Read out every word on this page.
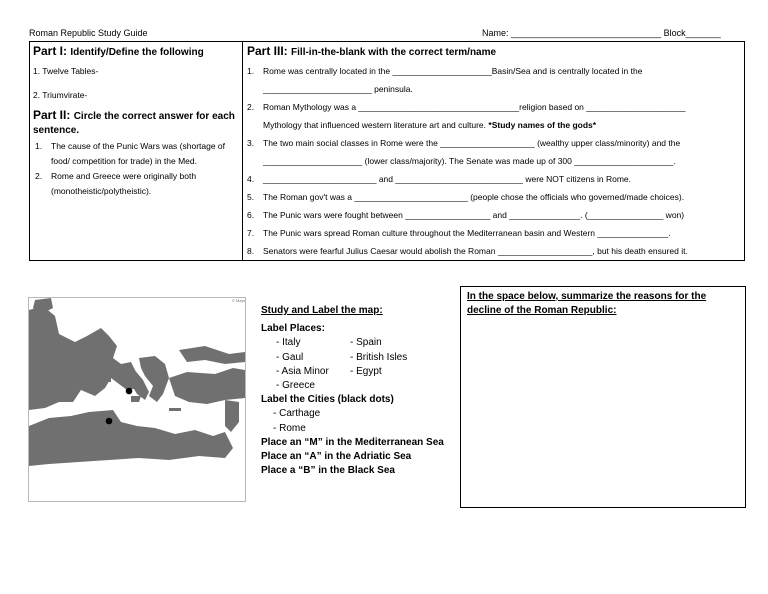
Roman Republic Study Guide	Name: ______________________________ Block_______
Part I: Identify/Define the following
1. Twelve Tables-
2. Triumvirate-
Part II: Circle the correct answer for each sentence.
1. The cause of the Punic Wars was (shortage of food/ competition for trade) in the Med.
2. Rome and Greece were originally both (monotheistic/polytheistic).
Part III: Fill-in-the-blank with the correct term/name
1. Rome was centrally located in the _____________________Basin/Sea and is centrally located in the
_______________________ peninsula.
2. Roman Mythology was a __________________________________religion based on _____________________
Mythology that influenced western literature art and culture. *Study names of the gods*
3. The two main social classes in Rome were the ____________________ (wealthy upper class/minority) and the
_____________________ (lower class/majority). The Senate was made up of 300 _____________________.
4. ________________________ and ___________________________ were NOT citizens in Rome.
5. The Roman gov't was a ________________________ (people chose the officials who governed/made choices).
6. The Punic wars were fought between __________________ and _______________. (________________ won)
7. The Punic wars spread Roman culture throughout the Mediterranean basin and Western _______________.
8. Senators were fearful Julius Caesar would abolish the Roman ____________________, but his death ensured it.
© Maps
Study and Label the map:
Label Places:
- Italy
- Gaul
- Asia Minor
- Greece
- Spain
- British Isles
- Egypt
Label the Cities (black dots)
- Carthage
- Rome
Place an “M” in the Mediterranean Sea
Place an “A” in the Adriatic Sea
Place a “B” in the Black Sea
In the space below, summarize the reasons for the decline of the Roman Republic:
